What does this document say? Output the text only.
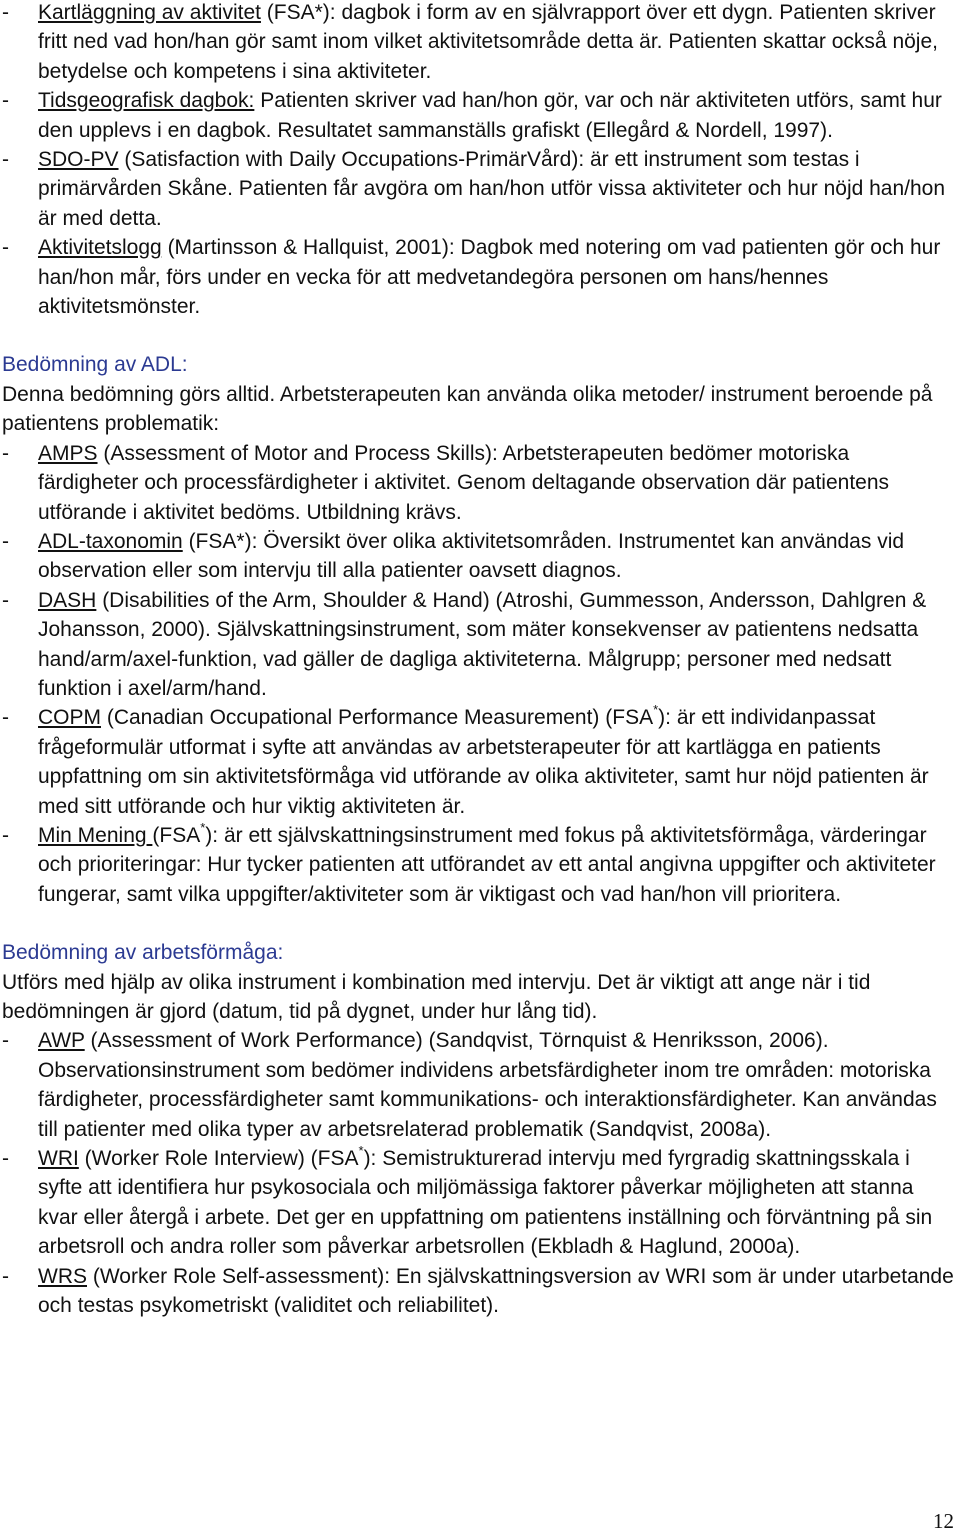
- Kartläggning av aktivitet (FSA*): dagbok i form av en självrapport över ett dygn. Patienten skriver fritt ned vad hon/han gör samt inom vilket aktivitetsområde detta är. Patienten skattar också nöje, betydelse och kompetens i sina aktiviteter.
- Tidsgeografisk dagbok: Patienten skriver vad han/hon gör, var och när aktiviteten utförs, samt hur den upplevs i en dagbok. Resultatet sammanställs grafiskt (Ellegård & Nordell, 1997).
- SDO-PV (Satisfaction with Daily Occupations-PrimärVård): är ett instrument som testas i primärvården Skåne. Patienten får avgöra om han/hon utför vissa aktiviteter och hur nöjd han/hon är med detta.
- Aktivitetslogg (Martinsson & Hallquist, 2001): Dagbok med notering om vad patienten gör och hur han/hon mår, förs under en vecka för att medvetandegöra personen om hans/hennes aktivitetsmönster.
Bedömning av ADL:
Denna bedömning görs alltid. Arbetsterapeuten kan använda olika metoder/ instrument beroende på patientens problematik:
- AMPS (Assessment of Motor and Process Skills): Arbetsterapeuten bedömer motoriska färdigheter och processfärdigheter i aktivitet. Genom deltagande observation där patientens utförande i aktivitet bedöms. Utbildning krävs.
- ADL-taxonomin (FSA*): Översikt över olika aktivitetsområden. Instrumentet kan användas vid observation eller som intervju till alla patienter oavsett diagnos.
- DASH (Disabilities of the Arm, Shoulder & Hand) (Atroshi, Gummesson, Andersson, Dahlgren & Johansson, 2000). Självskattningsinstrument, som mäter konsekvenser av patientens nedsatta hand/arm/axel-funktion, vad gäller de dagliga aktiviteterna. Målgrupp; personer med nedsatt funktion i axel/arm/hand.
- COPM (Canadian Occupational Performance Measurement) (FSA*): är ett individanpassat frågeformulär utformat i syfte att användas av arbetsterapeuter för att kartlägga en patients uppfattning om sin aktivitetsförmåga vid utförande av olika aktiviteter, samt hur nöjd patienten är med sitt utförande och hur viktig aktiviteten är.
- Min Mening (FSA*): är ett självskattningsinstrument med fokus på aktivitetsförmåga, värderingar och prioriteringar: Hur tycker patienten att utförandet av ett antal angivna uppgifter och aktiviteter fungerar, samt vilka uppgifter/aktiviteter som är viktigast och vad han/hon vill prioritera.
Bedömning av arbetsförmåga:
Utförs med hjälp av olika instrument i kombination med intervju. Det är viktigt att ange när i tid bedömningen är gjord (datum, tid på dygnet, under hur lång tid).
- AWP (Assessment of Work Performance) (Sandqvist, Törnquist & Henriksson, 2006). Observationsinstrument som bedömer individens arbetsfärdigheter inom tre områden: motoriska färdigheter, processfärdigheter samt kommunikations- och interaktionsfärdigheter. Kan användas till patienter med olika typer av arbetsrelaterad problematik (Sandqvist, 2008a).
- WRI (Worker Role Interview) (FSA*): Semistrukturerad intervju med fyrgradig skattningsskala i syfte att identifiera hur psykosociala och miljömässiga faktorer påverkar möjligheten att stanna kvar eller återgå i arbete. Det ger en uppfattning om patientens inställning och förväntning på sin arbetsroll och andra roller som påverkar arbetsrollen (Ekbladh & Haglund, 2000a).
- WRS (Worker Role Self-assessment): En självskattningsversion av WRI som är under utarbetande och testas psykometriskt (validitet och reliabilitet).
12
